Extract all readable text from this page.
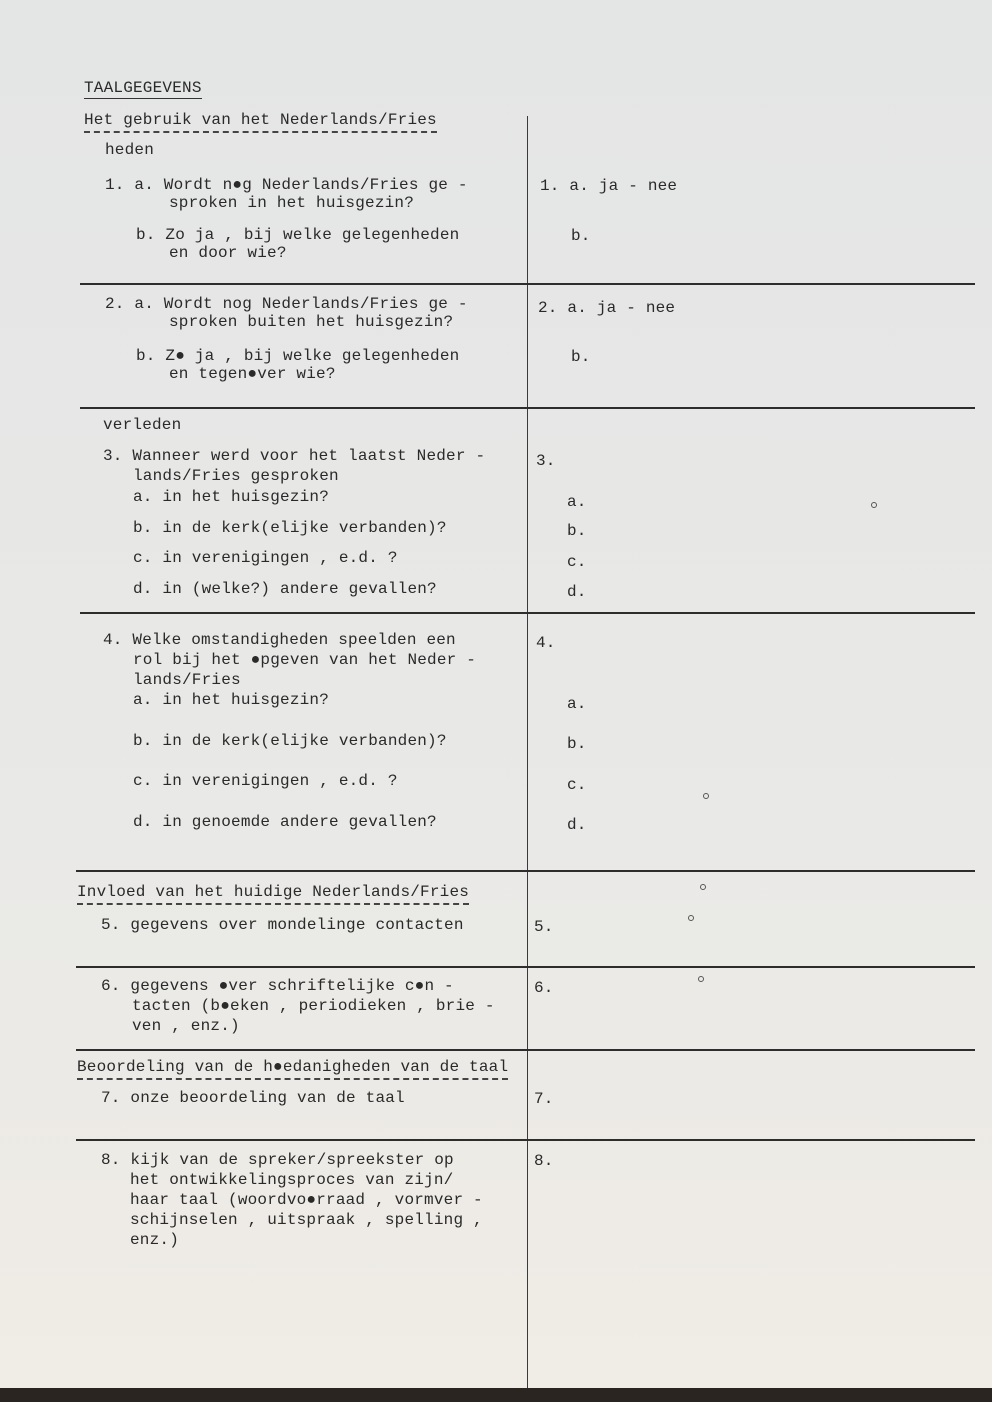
TAALGEGEVENS
Het gebruik van het Nederlands/Fries
heden
1. a. Wordt n●g Nederlands/Fries ge -
sproken in het huisgezin?
b. Zo ja , bij welke gelegenheden
en door wie?
1. a. ja - nee
b.
2. a. Wordt nog Nederlands/Fries ge -
sproken buiten het huisgezin?
b. Z● ja , bij welke gelegenheden
en tegen●ver wie?
2. a. ja - nee
b.
verleden
3. Wanneer werd voor het laatst Neder -
lands/Fries gesproken
a. in het huisgezin?
b. in de kerk(elijke verbanden)?
c. in verenigingen , e.d. ?
d. in (welke?) andere gevallen?
3.
a.
b.
c.
d.
4. Welke omstandigheden speelden een
rol bij het ●pgeven van het Neder -
lands/Fries
a. in het huisgezin?
b. in de kerk(elijke verbanden)?
c. in verenigingen , e.d. ?
d. in genoemde andere gevallen?
4.
a.
b.
c.
d.
Invloed van het huidige Nederlands/Fries
5. gegevens over mondelinge contacten	5.
6. gegevens ●ver schriftelijke c●n -
tacten (b●eken , periodieken , brie -
ven , enz.)
6.
Beoordeling van de h●edanigheden van de taal
7. onze beoordeling van de taal	7.
8. kijk van de spreker/spreekster op
het ontwikkelingsproces van zijn/
haar taal (woordvo●rraad , vormver -
schijnselen , uitspraak , spelling ,
enz.)
8.
